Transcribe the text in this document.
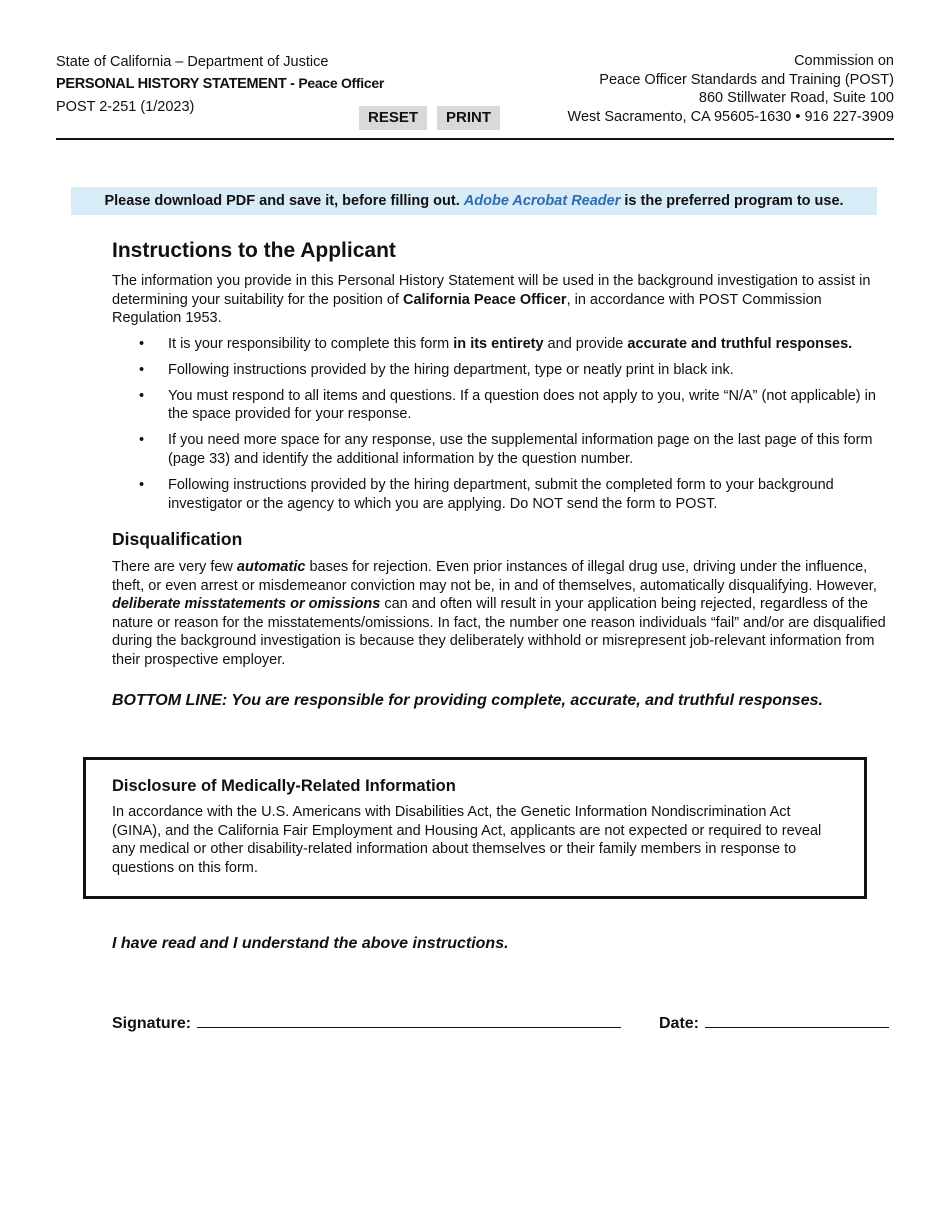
State of California – Department of Justice
PERSONAL HISTORY STATEMENT - Peace Officer
POST 2-251 (1/2023)
RESET	PRINT
Commission on
Peace Officer Standards and Training (POST)
860 Stillwater Road, Suite 100
West Sacramento, CA 95605-1630 • 916 227-3909
Please download PDF and save it, before filling out. Adobe Acrobat Reader is the preferred program to use.
Instructions to the Applicant

The information you provide in this Personal History Statement will be used in the background investigation to assist in determining your suitability for the position of California Peace Officer, in accordance with POST Commission Regulation 1953.

• It is your responsibility to complete this form in its entirety and provide accurate and truthful responses.
• Following instructions provided by the hiring department, type or neatly print in black ink.
• You must respond to all items and questions. If a question does not apply to you, write “N/A” (not applicable) in the space provided for your response.
• If you need more space for any response, use the supplemental information page on the last page of this form (page 33) and identify the additional information by the question number.
• Following instructions provided by the hiring department, submit the completed form to your background investigator or the agency to which you are applying. Do NOT send the form to POST.
Disqualification

There are very few automatic bases for rejection. Even prior instances of illegal drug use, driving under the influence, theft, or even arrest or misdemeanor conviction may not be, in and of themselves, automatically disqualifying. However, deliberate misstatements or omissions can and often will result in your application being rejected, regardless of the nature or reason for the misstatements/omissions. In fact, the number one reason individuals “fail” and/or are disqualified during the background investigation is because they deliberately withhold or misrepresent job-relevant information from their prospective employer.

BOTTOM LINE: You are responsible for providing complete, accurate, and truthful responses.
Disclosure of Medically-Related Information

In accordance with the U.S. Americans with Disabilities Act, the Genetic Information Nondiscrimination Act (GINA), and the California Fair Employment and Housing Act, applicants are not expected or required to reveal any medical or other disability-related information about themselves or their family members in response to questions on this form.

I have read and I understand the above instructions.
Signature:	Date:
